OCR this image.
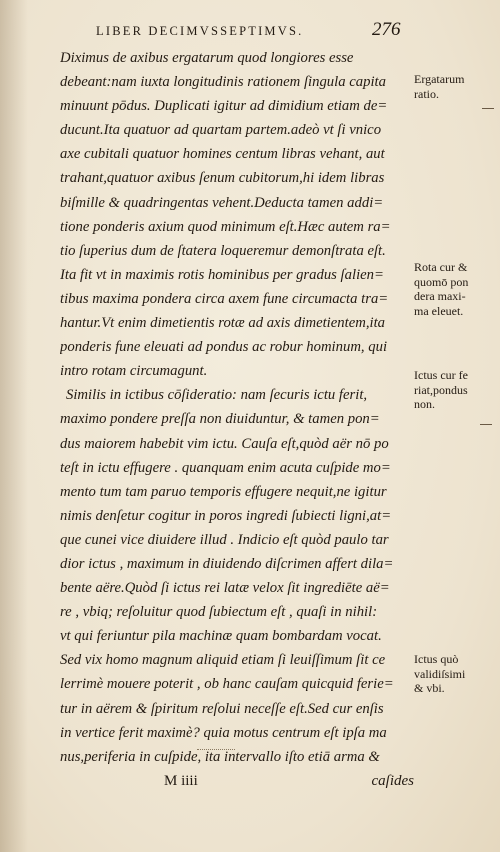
LIBER DECIMVSSEPTIMVS.	276
Diximus de axibus ergatarum quod longiores esse
debeant:nam iuxta longitudinis rationem ſingula capita
minuunt pōdus. Duplicati igitur ad dimidium etiam de=
ducunt.Ita quatuor ad quartam partem.adeò vt ſi vnico
axe cubitali quatuor homines centum libras vehant, aut
trahant,quatuor axibus ſenum cubitorum,hi idem libras
biſmille & quadringentas vehent.Deducta tamen addi=
tione ponderis axium quod minimum eſt.Hæc autem ra=
tio ſuperius dum de ſtatera loqueremur demonſtrata eſt.
Ita fit vt in maximis rotis hominibus per gradus ſalien=
tibus maxima pondera circa axem fune circumacta tra=
hantur.Vt enim dimetientis rotæ ad axis dimetientem,ita
ponderis fune eleuati ad pondus ac robur hominum, qui
intro rotam circumagunt.
Similis in ictibus cōſideratio: nam ſecuris ictu ferit,
maximo pondere preſſa non diuiduntur, & tamen pon=
dus maiorem habebit vim ictu. Cauſa eſt,quòd aër nō po
teſt in ictu effugere . quanquam enim acuta cuſpide mo=
mento tum tam paruo temporis effugere nequit,ne igitur
nimis denſetur cogitur in poros ingredi ſubiecti ligni,at=
que cunei vice diuidere illud . Indicio eſt quòd paulo tar
dior ictus , maximum in diuidendo diſcrimen affert dila=
bente aëre.Quòd ſi ictus rei latæ velox ſit ingrediēte aë=
re , vbiq; reſoluitur quod ſubiectum eſt , quaſi in nihil:
vt qui feriuntur pila machinæ quam bombardam vocat.
Sed vix homo magnum aliquid etiam ſi leuiſſimum ſit ce
lerrimè mouere poterit , ob hanc cauſam quicquid ferie=
tur in aërem & ſpiritum reſolui neceſſe eſt.Sed cur enſis
in vertice ferit maximè? quia motus centrum eſt ipſa ma
nus,periferia in cuſpide, ita intervallo iſto etiā arma &
M iiii	caſides
Ergatarum
ratio.
Rota cur &
quomō pon
dera maxi-
ma eleuet.
Ictus cur fe
riat,pondus
non.
Ictus quò
validiſsimi
& vbi.
